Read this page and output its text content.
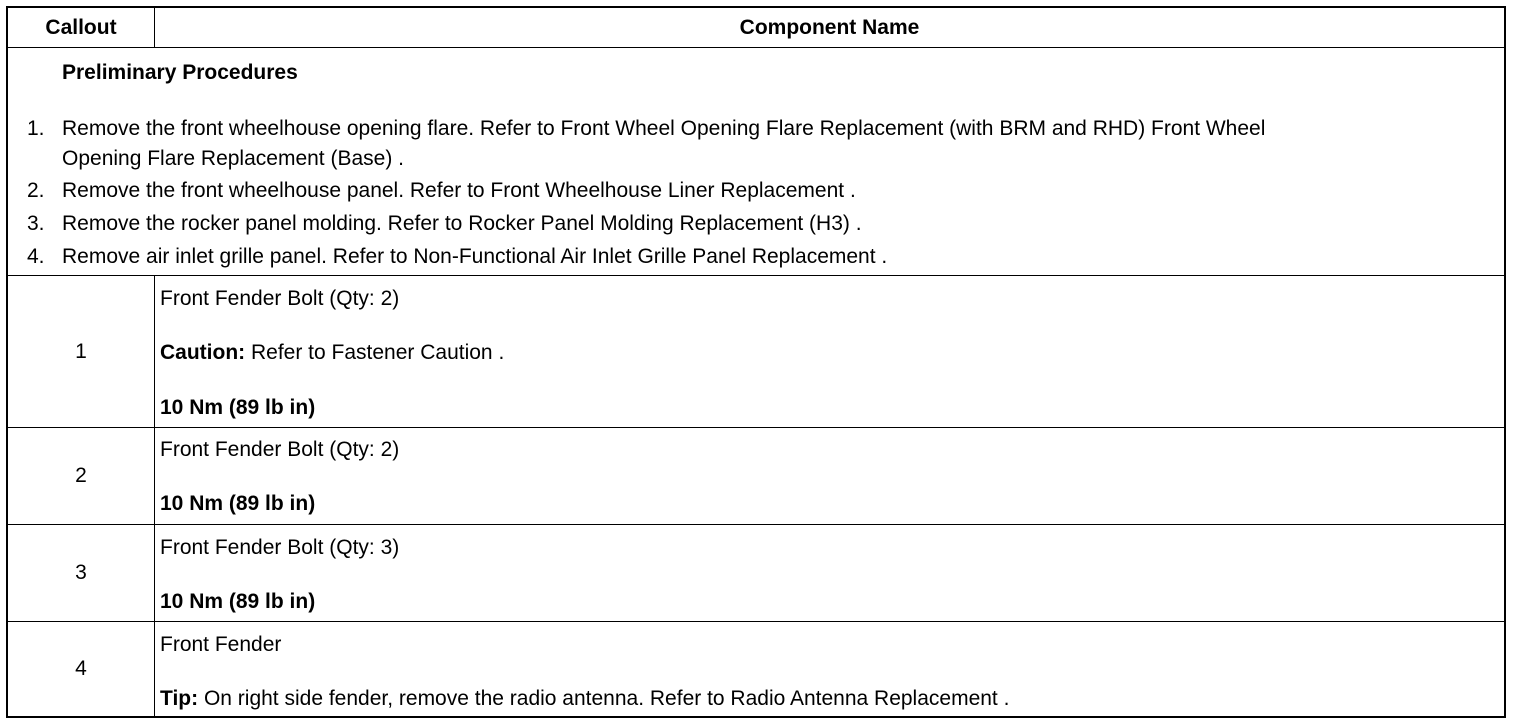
Callout	Component Name
Preliminary Procedures
1. Remove the front wheelhouse opening flare. Refer to Front Wheel Opening Flare Replacement (with BRM and RHD) Front Wheel
Opening Flare Replacement (Base) .
2. Remove the front wheelhouse panel. Refer to Front Wheelhouse Liner Replacement .
3. Remove the rocker panel molding. Refer to Rocker Panel Molding Replacement (H3) .
4. Remove air inlet grille panel. Refer to Non-Functional Air Inlet Grille Panel Replacement .
1
Front Fender Bolt (Qty: 2)
Caution: Refer to Fastener Caution .
10 Nm (89 lb in)
2
Front Fender Bolt (Qty: 2)
10 Nm (89 lb in)
3
Front Fender Bolt (Qty: 3)
10 Nm (89 lb in)
4
Front Fender
Tip: On right side fender, remove the radio antenna. Refer to Radio Antenna Replacement .
